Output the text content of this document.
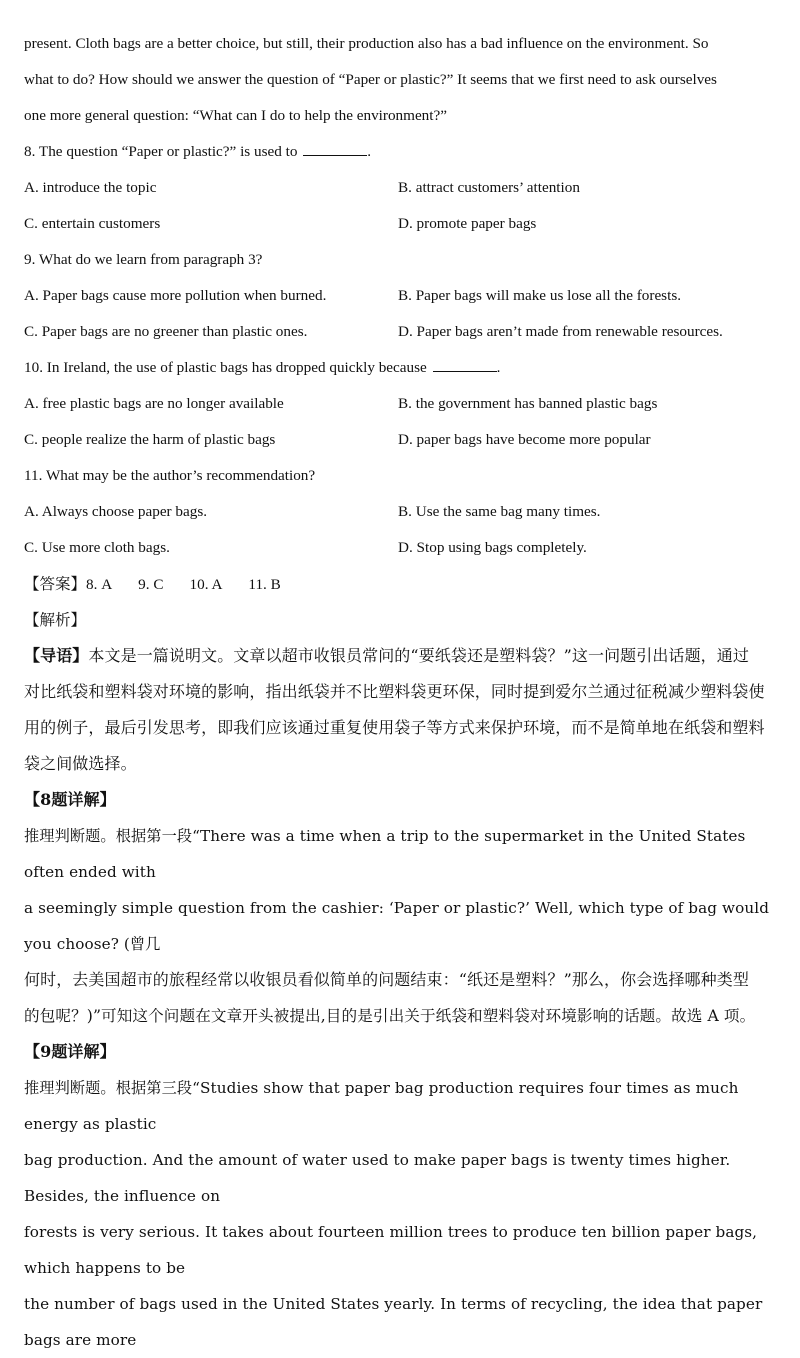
present. Cloth bags are a better choice, but still, their production also has a bad influence on the environment. So
what to do? How should we answer the question of “Paper or plastic?” It seems that we first need to ask ourselves
one more general question: “What can I do to help the environment?”
8. The question “Paper or plastic?” is used to	.
A. introduce the topic	B. attract customers’ attention
C. entertain customers	D. promote paper bags
9. What do we learn from paragraph 3?
A. Paper bags cause more pollution when burned.	B. Paper bags will make us lose all the forests.
C. Paper bags are no greener than plastic ones.	D. Paper bags aren’t made from renewable resources.
10. In Ireland, the use of plastic bags has dropped quickly because	.
A. free plastic bags are no longer available	B. the government has banned plastic bags
C. people realize the harm of plastic bags	D. paper bags have become more popular
11. What may be the author’s recommendation?
A. Always choose paper bags.	B. Use the same bag many times.
C. Use more cloth bags.	D. Stop using bags completely.
【答案】8. A 9. C 10. A 11. B
【解析】
【导语】本文是一篇说明文。文章以超市收银员常问的“要纸袋还是塑料袋？”这一问题引出话题，通过
对比纸袋和塑料袋对环境的影响，指出纸袋并不比塑料袋更环保，同时提到爱尔兰通过征税减少塑料袋使
用的例子，最后引发思考，即我们应该通过重复使用袋子等方式来保护环境，而不是简单地在纸袋和塑料
袋之间做选择。
【8题详解】
推理判断题。根据第一段“There was a time when a trip to the supermarket in the United States often ended with
a seemingly simple question from the cashier: ‘Paper or plastic?’ Well, which type of bag would you choose? (曾几
何时，去美国超市的旅程经常以收银员看似简单的问题结束：“纸还是塑料？”那么，你会选择哪种类型
的包呢？)”可知这个问题在文章开头被提出,目的是引出关于纸袋和塑料袋对环境影响的话题。故选 A 项。
【9题详解】
推理判断题。根据第三段“Studies show that paper bag production requires four times as much energy as plastic
bag production. And the amount of water used to make paper bags is twenty times higher. Besides, the influence on
forests is very serious. It takes about fourteen million trees to produce ten billion paper bags, which happens to be
the number of bags used in the United States yearly. In terms of recycling, the idea that paper bags are more
